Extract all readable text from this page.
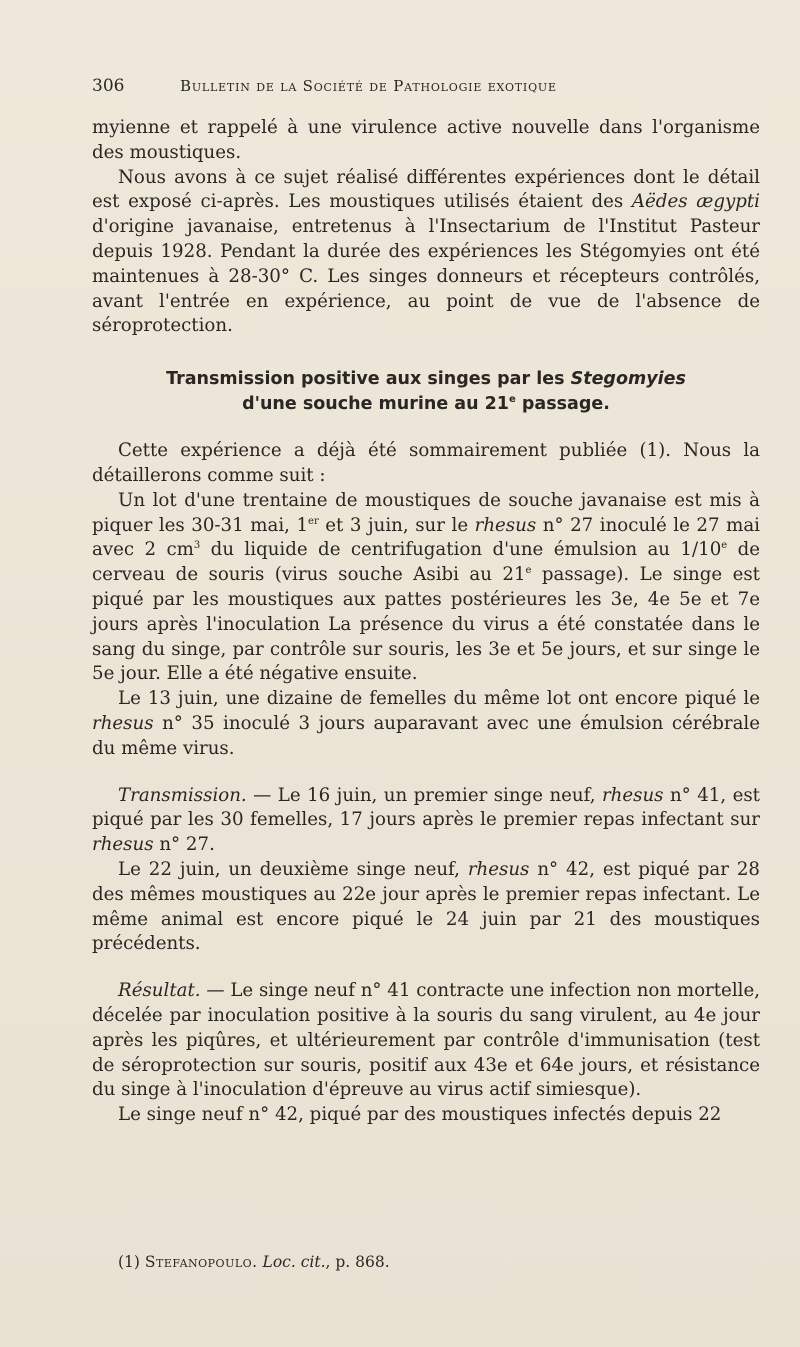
306	Bulletin de la Société de Pathologie exotique

myienne et rappelé à une virulence active nouvelle dans l'organisme des moustiques.

Nous avons à ce sujet réalisé différentes expériences dont le détail est exposé ci-après. Les moustiques utilisés étaient des Aëdes ægypti d'origine javanaise, entretenus à l'Insectarium de l'Institut Pasteur depuis 1928. Pendant la durée des expériences les Stégomyies ont été maintenues à 28-30° C. Les singes donneurs et récepteurs contrôlés, avant l'entrée en expérience, au point de vue de l'absence de séroprotection.

Transmission positive aux singes par les Stegomyies
d'une souche murine au 21e passage.

Cette expérience a déjà été sommairement publiée (1). Nous la détaillerons comme suit :

Un lot d'une trentaine de moustiques de souche javanaise est mis à piquer les 30-31 mai, 1er et 3 juin, sur le rhesus n° 27 inoculé le 27 mai avec 2 $cm^3$ du liquide de centrifugation d'une émulsion au 1/10e de cerveau de souris (virus souche Asibi au 21e passage). Le singe est piqué par les moustiques aux pattes postérieures les 3e, 4e 5e et 7e jours après l'inoculation La présence du virus a été constatée dans le sang du singe, par contrôle sur souris, les 3e et 5e jours, et sur singe le 5e jour. Elle a été négative ensuite.

Le 13 juin, une dizaine de femelles du même lot ont encore piqué le rhesus n° 35 inoculé 3 jours auparavant avec une émulsion cérébrale du même virus.

Transmission. — Le 16 juin, un premier singe neuf, rhesus n° 41, est piqué par les 30 femelles, 17 jours après le premier repas infectant sur rhesus n° 27.

Le 22 juin, un deuxième singe neuf, rhesus n° 42, est piqué par 28 des mêmes moustiques au 22e jour après le premier repas infectant. Le même animal est encore piqué le 24 juin par 21 des moustiques précédents.

Résultat. — Le singe neuf n° 41 contracte une infection non mortelle, décelée par inoculation positive à la souris du sang virulent, au 4e jour après les piqûres, et ultérieurement par contrôle d'immunisation (test de séroprotection sur souris, positif aux 43e et 64e jours, et résistance du singe à l'inoculation d'épreuve au virus actif simiesque).

Le singe neuf n° 42, piqué par des moustiques infectés depuis 22

(1) Stefanopoulo. Loc. cit., p. 868.
